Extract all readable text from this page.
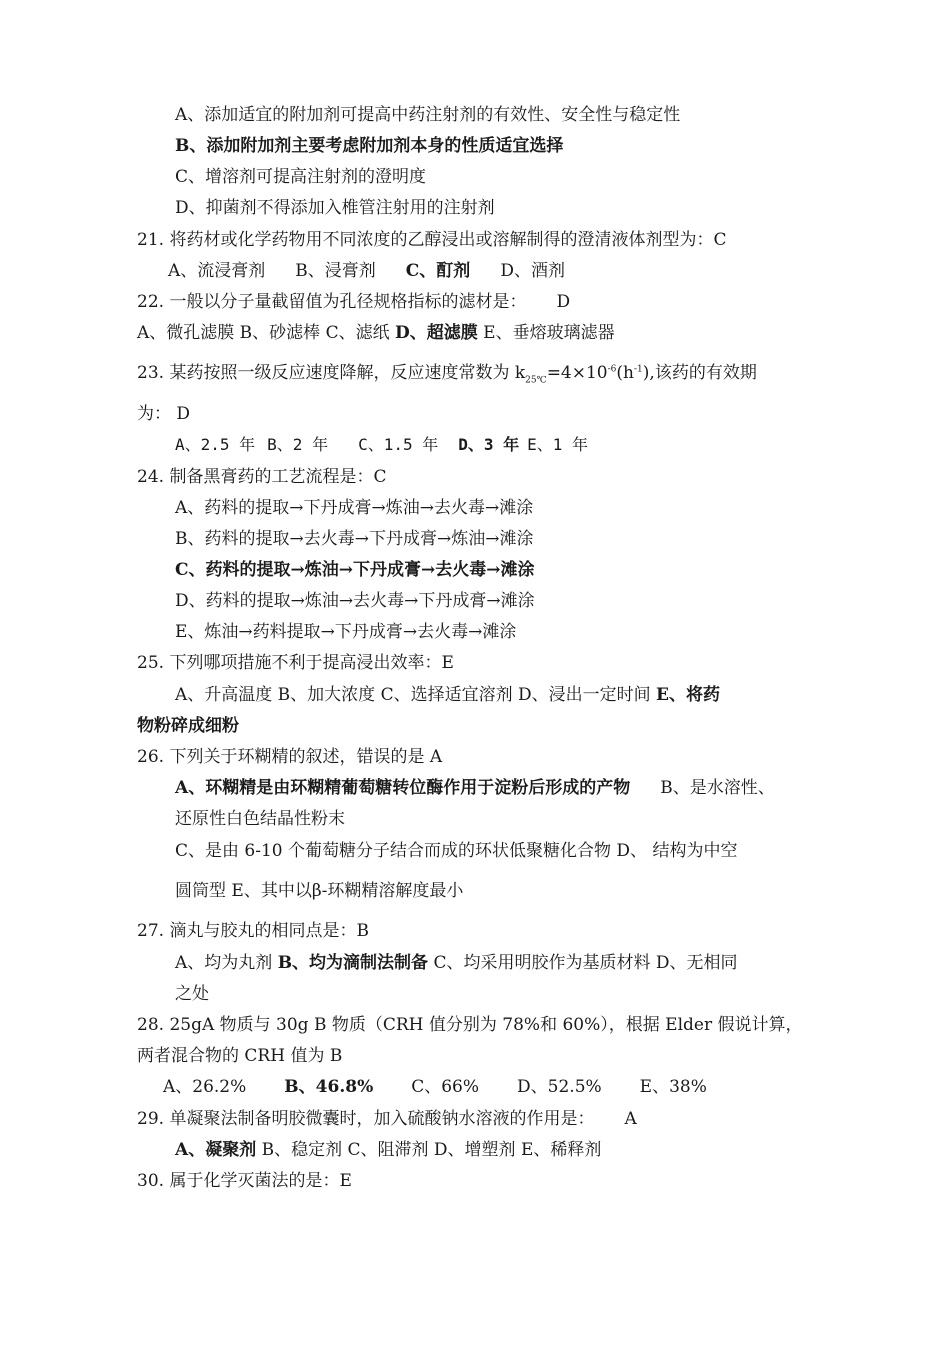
A、添加适宜的附加剂可提高中药注射剂的有效性、安全性与稳定性
B、添加附加剂主要考虑附加剂本身的性质适宜选择
C、增溶剂可提高注射剂的澄明度
D、抑菌剂不得添加入椎管注射用的注射剂
21. 将药材或化学药物用不同浓度的乙醇浸出或溶解制得的澄清液体剂型为：C
A、流浸膏剂 B、浸膏剂 C、酊剂 D、酒剂
22. 一般以分子量截留值为孔径规格指标的滤材是： D
A、微孔滤膜 B、砂滤棒 C、滤纸 D、超滤膜 E、垂熔玻璃滤器
23. 某药按照一级反应速度降解，反应速度常数为 $k_{25℃}=4\times 10^{-6}(h^{-1})$,该药的有效期
为： D
A、2.5 年 B、2 年 C、1.5 年 D、3 年 E、1 年
24. 制备黑膏药的工艺流程是：C
A、药料的提取→下丹成膏→炼油→去火毒→滩涂
B、药料的提取→去火毒→下丹成膏→炼油→滩涂
C、药料的提取→炼油→下丹成膏→去火毒→滩涂
D、药料的提取→炼油→去火毒→下丹成膏→滩涂
E、炼油→药料提取→下丹成膏→去火毒→滩涂
25. 下列哪项措施不利于提高浸出效率：E
A、升高温度 B、加大浓度 C、选择适宜溶剂 D、浸出一定时间 E、将药
物粉碎成细粉
26. 下列关于环糊精的叙述，错误的是 A
A、环糊精是由环糊精葡萄糖转位酶作用于淀粉后形成的产物 B、是水溶性、
还原性白色结晶性粉末
C、是由 6-10 个葡萄糖分子结合而成的环状低聚糖化合物 D、 结构为中空
圆筒型 E、其中以β-环糊精溶解度最小
27. 滴丸与胶丸的相同点是：B
A、均为丸剂 B、均为滴制法制备 C、均采用明胶作为基质材料 D、无相同
之处
28. 25gA 物质与 30g B 物质（CRH 值分别为 78%和 60%），根据 Elder 假说计算，
两者混合物的 CRH 值为 B
A、26.2% B、46.8% C、66% D、52.5% E、38%
29. 单凝聚法制备明胶微囊时，加入硫酸钠水溶液的作用是： A
A、凝聚剂 B、稳定剂 C、阻滞剂 D、增塑剂 E、稀释剂
30. 属于化学灭菌法的是：E
